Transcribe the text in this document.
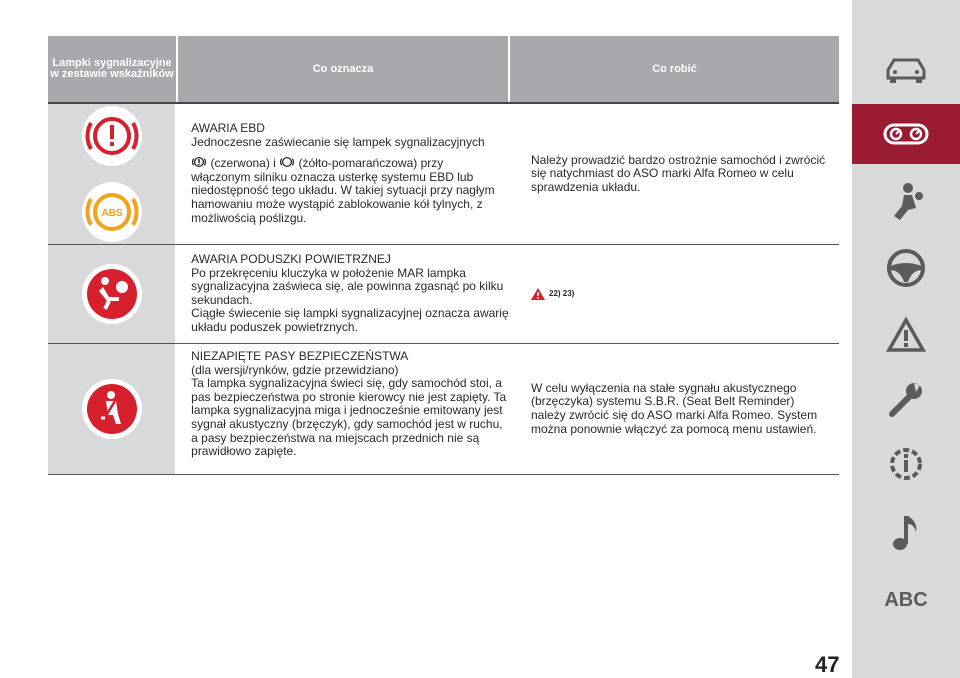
Lampki sygnalizacyjne w zestawie wskaźników	Co oznacza	Co robić
ABS

AWARIA EBD

Jednoczesne zaświecanie się lampek sygnalizacyjnych

(czerwona) i (żółto-pomarańczowa) przy

włączonym silniku oznacza usterkę systemu EBD lub niedostępność tego układu. W takiej sytuacji przy nagłym hamowaniu może wystąpić zablokowanie kół tylnych, z możliwością poślizgu.

Należy prowadzić bardzo ostrożnie samochód i zwrócić się natychmiast do ASO marki Alfa Romeo w celu sprawdzenia układu.

AWARIA PODUSZKI POWIETRZNEJ

Po przekręceniu kluczyka w położenie MAR lampka sygnalizacyjna zaświeca się, ale powinna zgasnąć po kilku sekundach.

Ciągłe świecenie się lampki sygnalizacyjnej oznacza awarię układu poduszek powietrznych.

22) 23)

NIEZAPIĘTE PASY BEZPIECZEŃSTWA

(dla wersji/rynków, gdzie przewidziano)

Ta lampka sygnalizacyjna świeci się, gdy samochód stoi, a pas bezpieczeństwa po stronie kierowcy nie jest zapięty. Ta lampka sygnalizacyjna miga i jednocześnie emitowany jest sygnał akustyczny (brzęczyk), gdy samochód jest w ruchu, a pasy bezpieczeństwa na miejscach przednich nie są prawidłowo zapięte.

W celu wyłączenia na stałe sygnału akustycznego (brzęczyka) systemu S.B.R. (Seat Belt Reminder) należy zwrócić się do ASO marki Alfa Romeo. System można ponownie włączyć za pomocą menu ustawień.
ABC
47
